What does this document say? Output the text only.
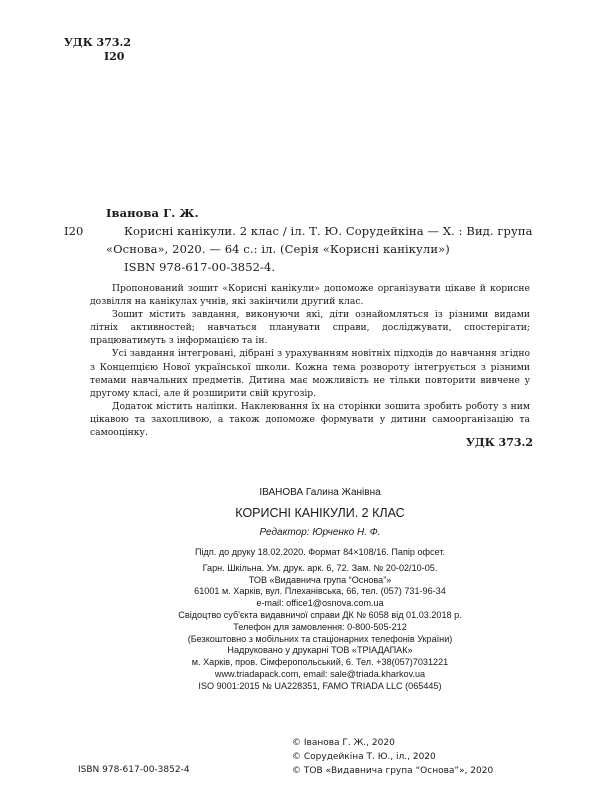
УДК 373.2
І20
Іванова Г. Ж.
І20	Корисні канікули. 2 клас / іл. Т. Ю. Сорудейкіна — Х. : Вид. група
«Основа», 2020. — 64 с.: іл. (Серія «Корисні канікули»)
ISBN 978-617-00-3852-4.

Пропонований зошит «Корисні канікули» допоможе організувати цікаве й корисне дозвілля на канікулах учнів, які закінчили другий клас.

Зошит містить завдання, виконуючи які, діти ознайомляться із різними видами літніх активностей; навчаться планувати справи, досліджувати, спостерігати; працюватимуть з інформацією та ін.

Усі завдання інтегровані, дібрані з урахуванням новітніх підходів до навчання згідно з Концепцією Нової української школи. Кожна тема розвороту інтегрується з різними темами навчальних предметів. Дитина має можливість не тільки повторити вивчене у другому класі, але й розширити свій кругозір.

Додаток містить наліпки. Наклеювання їх на сторінки зошита зробить роботу з ним цікавою та захопливою, а також допоможе формувати у дитини самоорганізацію та самооцінку.

УДК 373.2
ІВАНОВА Галина Жанівна
КОРИСНІ КАНІКУЛИ. 2 КЛАС
Редактор: Юрченко Н. Ф.
Підп. до друку 18.02.2020. Формат 84×108/16. Папір офсет.
Гарн. Шкільна. Ум. друк. арк. 6, 72. Зам. № 20-02/10-05.
ТОВ «Видавнича група “Основа”»
61001 м. Харків, вул. Плеханівська, 66, тел. (057) 731-96-34
e-mail: office1@osnova.com.ua
Свідоцтво суб'єкта видавничої справи ДК № 6058 від 01.03.2018 р.
Телефон для замовлення: 0-800-505-212
(Безкоштовно з мобільних та стаціонарних телефонів України)
Надруковано у друкарні ТОВ «ТРІАДАПАК»
м. Харків, пров. Сімферопольський, 6. Тел. +38(057)7031221
www.triadapack.com, email: sale@triada.kharkov.ua
ISO 9001:2015 № UA228351, FAMO TRIADA LLC (065445)
© Іванова Г. Ж., 2020
© Сорудейкіна Т. Ю., іл., 2020
© ТОВ «Видавнича група “Основа”», 2020
ISBN 978-617-00-3852-4
